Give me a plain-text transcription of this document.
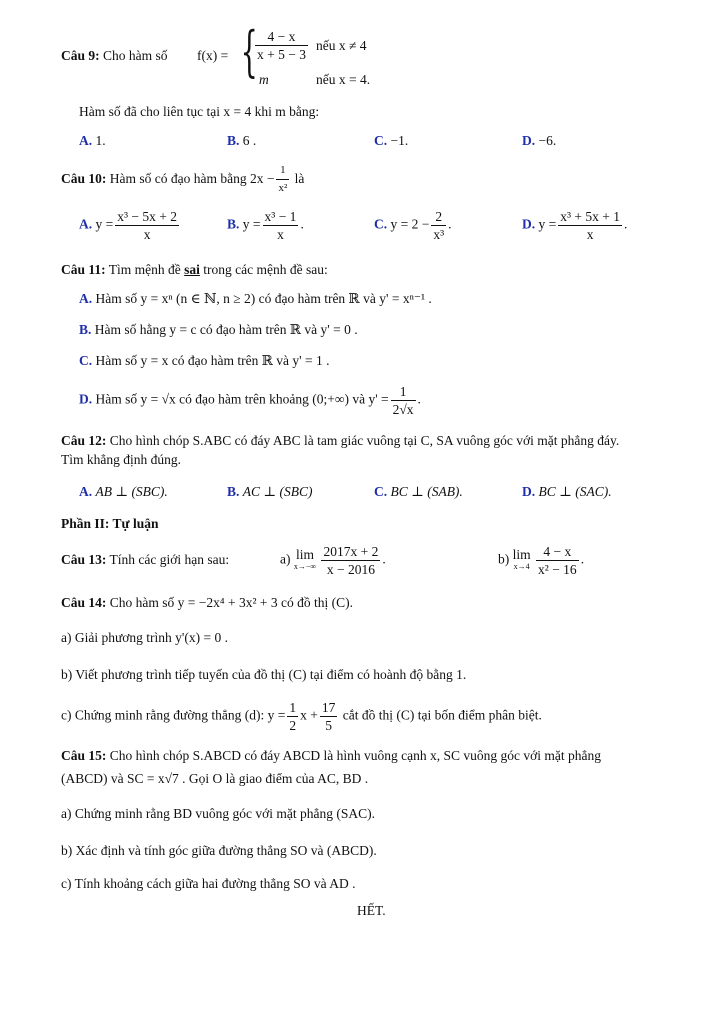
Câu 9: Cho hàm số f(x) = {
$\frac{4 - x}{x + 5 - 3}$ nếu x ≠ 4
m	nếu x = 4.
Hàm số đã cho liên tục tại x = 4 khi m bằng:
A. 1.	B. 6 .	C. −1.	D. −6.
Câu 10: Hàm số có đạo hàm bằng $2x - \frac{1}{\text{x²}}$ là
A. $y = \frac{\text{x³ − 5x + 2}}{x}$	B. $y = \frac{\text{x³ − 1}}{x}$ .	C. $y = 2 - \frac{2}{\text{x³}}$ .	D. $y = \frac{\text{x³ + 5x + 1}}{x}$ .
Câu 11: Tìm mệnh đề sai trong các mệnh đề sau:
A. Hàm số y = xⁿ (n ∈ ℕ, n ≥ 2) có đạo hàm trên ℝ và y' = xⁿ⁻¹ .
B. Hàm số hằng y = c có đạo hàm trên ℝ và y' = 0 .
C. Hàm số y = x có đạo hàm trên ℝ và y' = 1 .
D. Hàm số y = √x có đạo hàm trên khoảng (0;+∞) và $y' = \frac{1}{2√x}$ .
Câu 12: Cho hình chóp S.ABC có đáy ABC là tam giác vuông tại C, SA vuông góc với mặt phẳng đáy.
Tìm khẳng định đúng.
A. AB ⊥ (SBC).	B. AC ⊥ (SBC)	C. BC ⊥ (SAB).	D. BC ⊥ (SAC).
Phần II: Tự luận
Câu 13: Tính các giới hạn sau:	a) lim
x→−∞
$\frac{2017x + 2}{x - 2016}$ .	b) lim
x→4
$\frac{4 - x}{\text{x² − 16}}$ .
Câu 14: Cho hàm số y = −2x⁴ + 3x² + 3 có đồ thị (C).
a) Giải phương trình y'(x) = 0 .
b) Viết phương trình tiếp tuyến của đồ thị (C) tại điểm có hoành độ bằng 1.
c) Chứng minh rằng đường thẳng (d): $y = \frac{1}{2}$ $x + \frac{17}{5}$ cắt đồ thị (C) tại bốn điểm phân biệt.
Câu 15: Cho hình chóp S.ABCD có đáy ABCD là hình vuông cạnh x, SC vuông góc với mặt phẳng
(ABCD) và SC = x√7 . Gọi O là giao điểm của AC, BD .
a) Chứng minh rằng BD vuông góc với mặt phẳng (SAC).
b) Xác định và tính góc giữa đường thẳng SO và (ABCD).
c) Tính khoảng cách giữa hai đường thẳng SO và AD .
HẾT.
